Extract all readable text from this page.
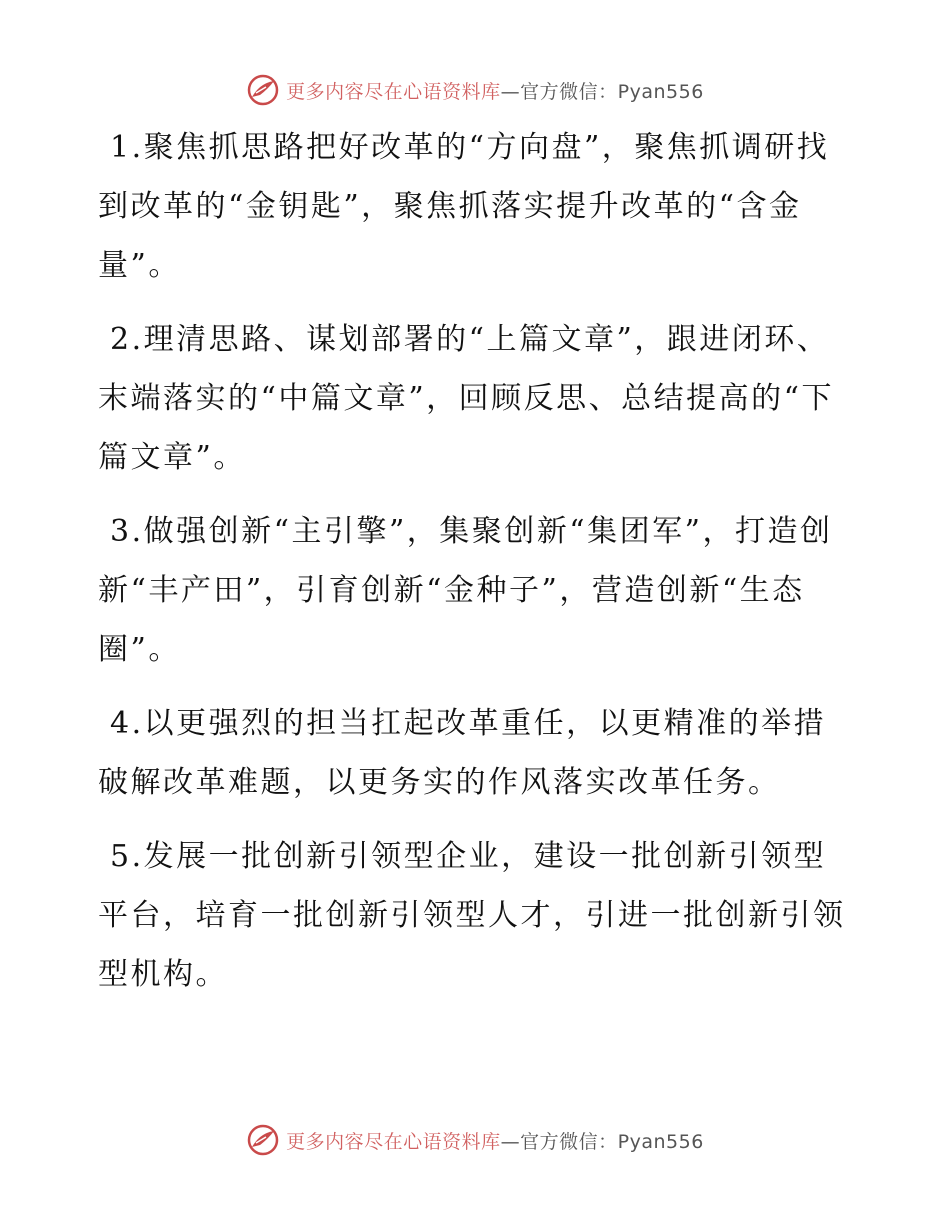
更多内容尽在心语资料库—官方微信：Pyan556

1.聚焦抓思路把好改革的“方向盘”，聚焦抓调研找到改革的“金钥匙”，聚焦抓落实提升改革的“含金量”。

2.理清思路、谋划部署的“上篇文章”，跟进闭环、末端落实的“中篇文章”，回顾反思、总结提高的“下篇文章”。

3.做强创新“主引擎”，集聚创新“集团军”，打造创新“丰产田”，引育创新“金种子”，营造创新“生态圈”。

4.以更强烈的担当扛起改革重任，以更精准的举措破解改革难题，以更务实的作风落实改革任务。

5.发展一批创新引领型企业，建设一批创新引领型平台，培育一批创新引领型人才，引进一批创新引领型机构。

更多内容尽在心语资料库—官方微信：Pyan556
